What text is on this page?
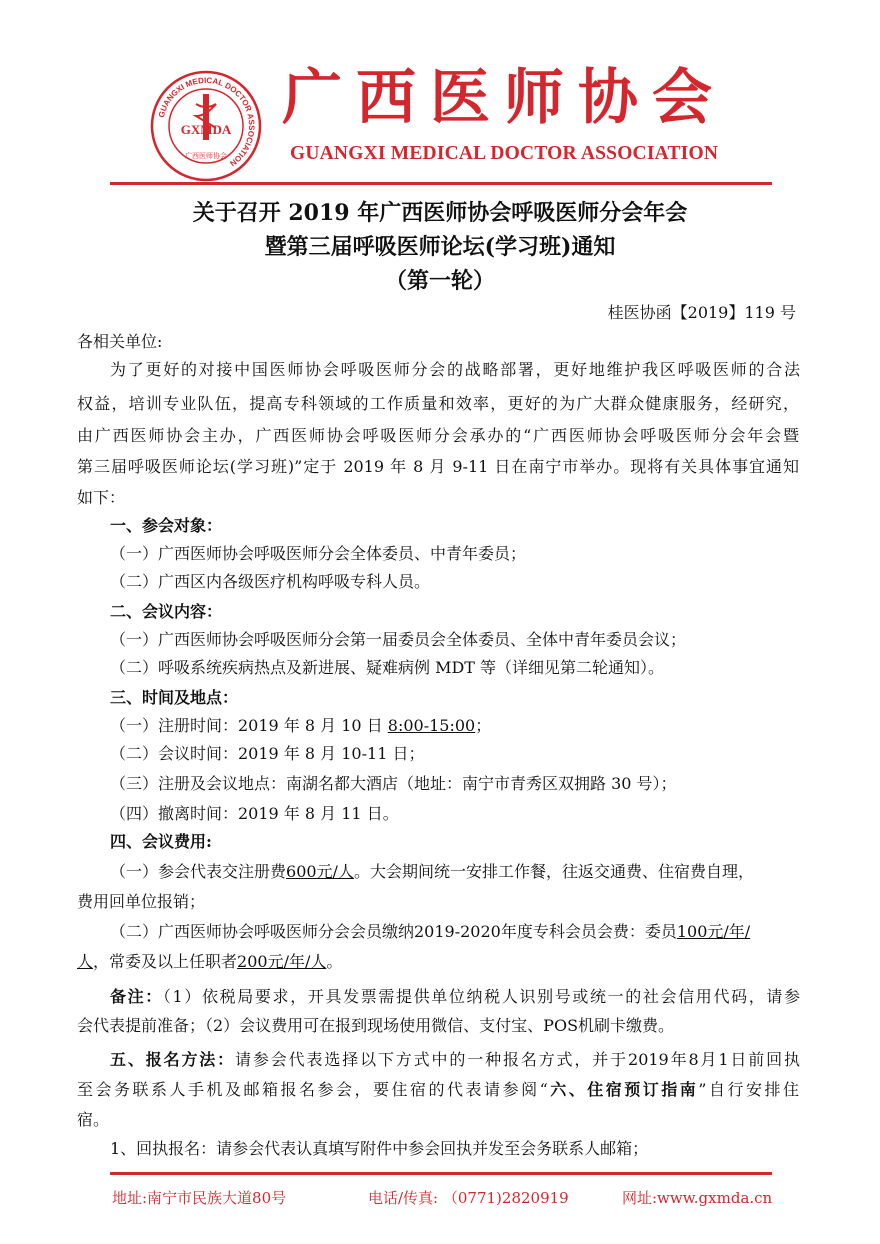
GUANGXI MEDICAL DOCTOR ASSOCIATION
GXMDA
广西医师协会
广西医师协会
GUANGXI MEDICAL DOCTOR ASSOCIATION
关于召开 2019 年广西医师协会呼吸医师分会年会
暨第三届呼吸医师论坛(学习班)通知
（第一轮）
桂医协函【2019】119 号
各相关单位:
为了更好的对接中国医师协会呼吸医师分会的战略部署，更好地维护我区呼吸医师的合法
权益，培训专业队伍，提高专科领域的工作质量和效率，更好的为广大群众健康服务，经研究，
由广西医师协会主办，广西医师协会呼吸医师分会承办的“广西医师协会呼吸医师分会年会暨
第三届呼吸医师论坛(学习班)”定于 2019 年 8 月 9-11 日在南宁市举办。现将有关具体事宜通知
如下：
一、参会对象：
（一）广西医师协会呼吸医师分会全体委员、中青年委员；
（二）广西区内各级医疗机构呼吸专科人员。
二、会议内容：
（一）广西医师协会呼吸医师分会第一届委员会全体委员、全体中青年委员会议；
（二）呼吸系统疾病热点及新进展、疑难病例 MDT 等（详细见第二轮通知）。
三、时间及地点：
（一）注册时间：2019 年 8 月 10 日 8:00-15:00；
（二）会议时间：2019 年 8 月 10-11 日；
（三）注册及会议地点：南湖名都大酒店（地址：南宁市青秀区双拥路 30 号）；
（四）撤离时间：2019 年 8 月 11 日。
四、会议费用:
（一）参会代表交注册费600元/人。大会期间统一安排工作餐，往返交通费、住宿费自理，
费用回单位报销；
（二）广西医师协会呼吸医师分会会员缴纳2019-2020年度专科会员会费：委员100元/年/
人，常委及以上任职者200元/年/人。
备注：（1）依税局要求，开具发票需提供单位纳税人识别号或统一的社会信用代码，请参
会代表提前准备；（2）会议费用可在报到现场使用微信、支付宝、POS机刷卡缴费。
五、报名方法：请参会代表选择以下方式中的一种报名方式，并于2019年8月1日前回执
至会务联系人手机及邮箱报名参会，要住宿的代表请参阅“六、住宿预订指南”自行安排住
宿。
1、回执报名：请参会代表认真填写附件中参会回执并发至会务联系人邮箱；
地址:南宁市民族大道80号	电话/传真: （0771)2820919	网址:www.gxmda.cn
